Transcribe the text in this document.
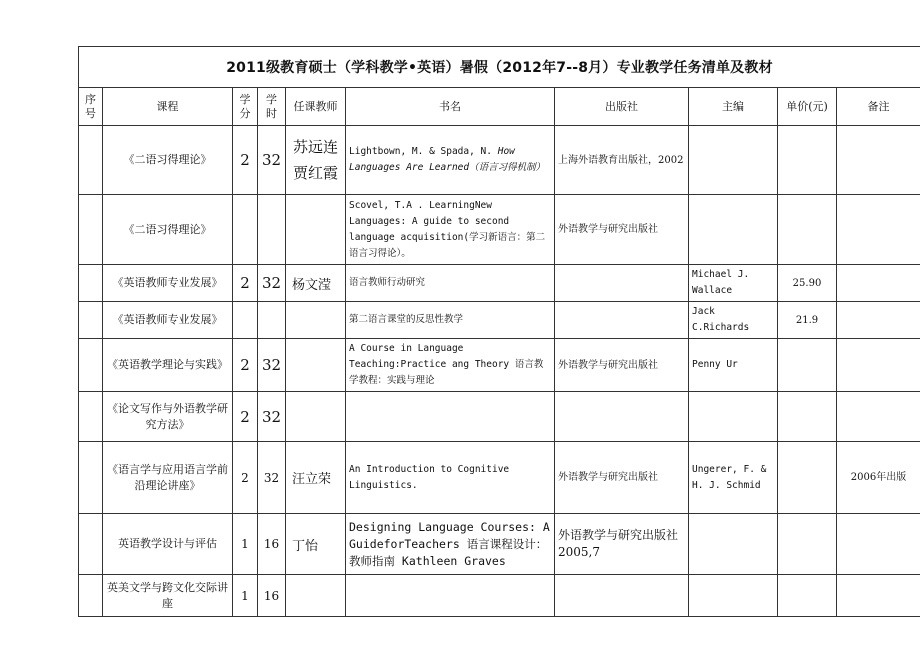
2011级教育硕士（学科教学•英语）暑假（2012年7--8月）专业教学任务清单及教材									
序号	课程	学分	学时	任课教师	书名	出版社	主编	单价(元)	备注
	《二语习得理论》	2	32	苏远连 贾红霞	Lightbown, M. & Spada, N. How Languages Are Learned（语言习得机制）	上海外语教育出版社，2002			
	《二语习得理论》				Scovel, T.A . LearningNew Languages: A guide to second language acquisition(学习新语言：第二语言习得论）。	外语教学与研究出版社			
	《英语教师专业发展》	2	32	杨文滢	语言教师行动研究		Michael J. Wallace	25.90	
	《英语教师专业发展》				第二语言课堂的反思性教学		Jack C.Richards	21.9	
	《英语教学理论与实践》	2	32		A Course in Language Teaching:Practice ang Theory 语言教学教程：实践与理论	外语教学与研究出版社	Penny Ur		
	《论文写作与外语教学研究方法》	2	32						
	《语言学与应用语言学前沿理论讲座》	2	32	汪立荣	An Introduction to Cognitive Linguistics.	外语教学与研究出版社	Ungerer, F. & H. J. Schmid		2006年出版
	英语教学设计与评估	1	16	丁怡	Designing Language Courses: A GuideforTeachers 语言课程设计：教师指南 Kathleen Graves	外语教学与研究出版社 2005,7			
	英美文学与跨文化交际讲座	1	16						
